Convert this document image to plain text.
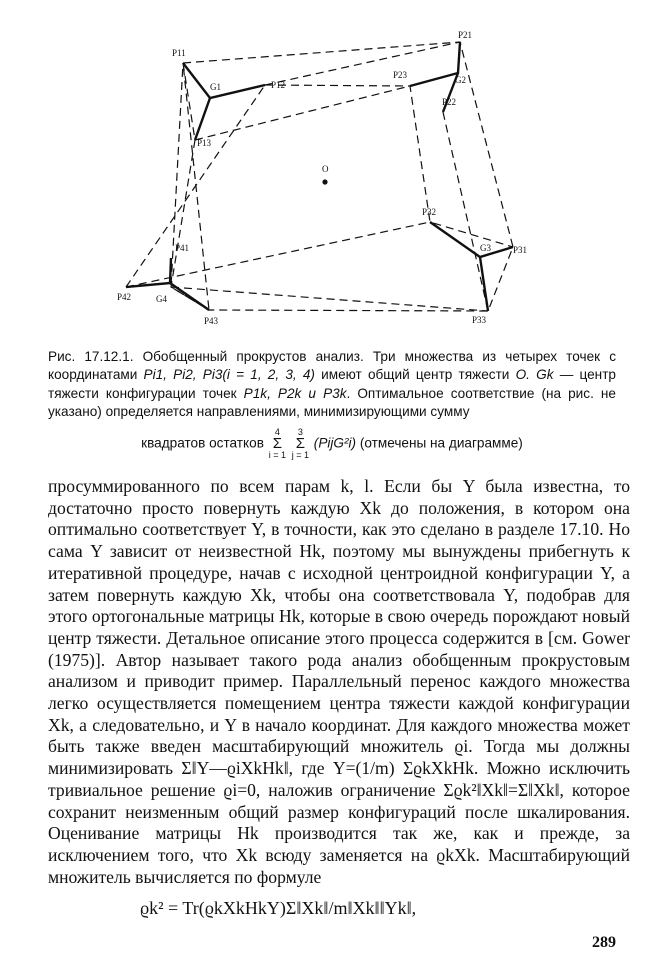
P11
P12
P13
P21
P22
P23
P31
P32
P33
P41
P42
P43
G1
G2
G3
G4
O
Рис. 17.12.1. Обобщенный прокрустов анализ. Три множества из четырех точек с координатами Pi1, Pi2, Pi3(i = 1, 2, 3, 4) имеют общий центр тяжести O. Gk — центр тяжести конфигурации точек P1k, P2k и P3k. Оптимальное соответствие (на рис. не указано) определяется направлениями, минимизирующими сумму
квадратов остатков 4
Σ
i = 1 3
Σ
j = 1 (PijG²i) (отмечены на диаграмме)

просуммированного по всем парам k, l. Если бы Y была известна, то достаточно просто повернуть каждую Xk до положения, в котором она оптимально соответствует Y, в точности, как это сделано в разделе 17.10. Но сама Y зависит от неизвестной Hk, поэтому мы вынуждены прибегнуть к итеративной процедуре, начав с исходной центроидной конфигурации Y, а затем повернуть каждую Xk, чтобы она соответствовала Y, подобрав для этого ортогональные матрицы Hk, которые в свою очередь порождают новый центр тяжести. Детальное описание этого процесса содержится в [см. Gower (1975)]. Автор называет такого рода анализ обобщенным прокрустовым анализом и приводит пример. Параллельный перенос каждого множества легко осуществляется помещением центра тяжести каждой конфигурации Xk, а следовательно, и Y в начало координат. Для каждого множества может быть также введен масштабирующий множитель ϱi. Тогда мы должны минимизировать Σ‖Y—ϱiXkHk‖, где Y=(1/m) ΣϱkXkHk. Можно исключить тривиальное решение ϱi=0, наложив ограничение Σϱk²‖Xk‖=Σ‖Xk‖, которое сохранит неизменным общий размер конфигураций после шкалирования. Оценивание матрицы Hk производится так же, как и прежде, за исключением того, что Xk всюду заменяется на ϱkXk. Масштабирующий множитель вычисляется по формуле

ϱk² = Tr(ϱkXkHkY)Σ‖Xk‖/m‖Xk‖‖Yk‖,
289
